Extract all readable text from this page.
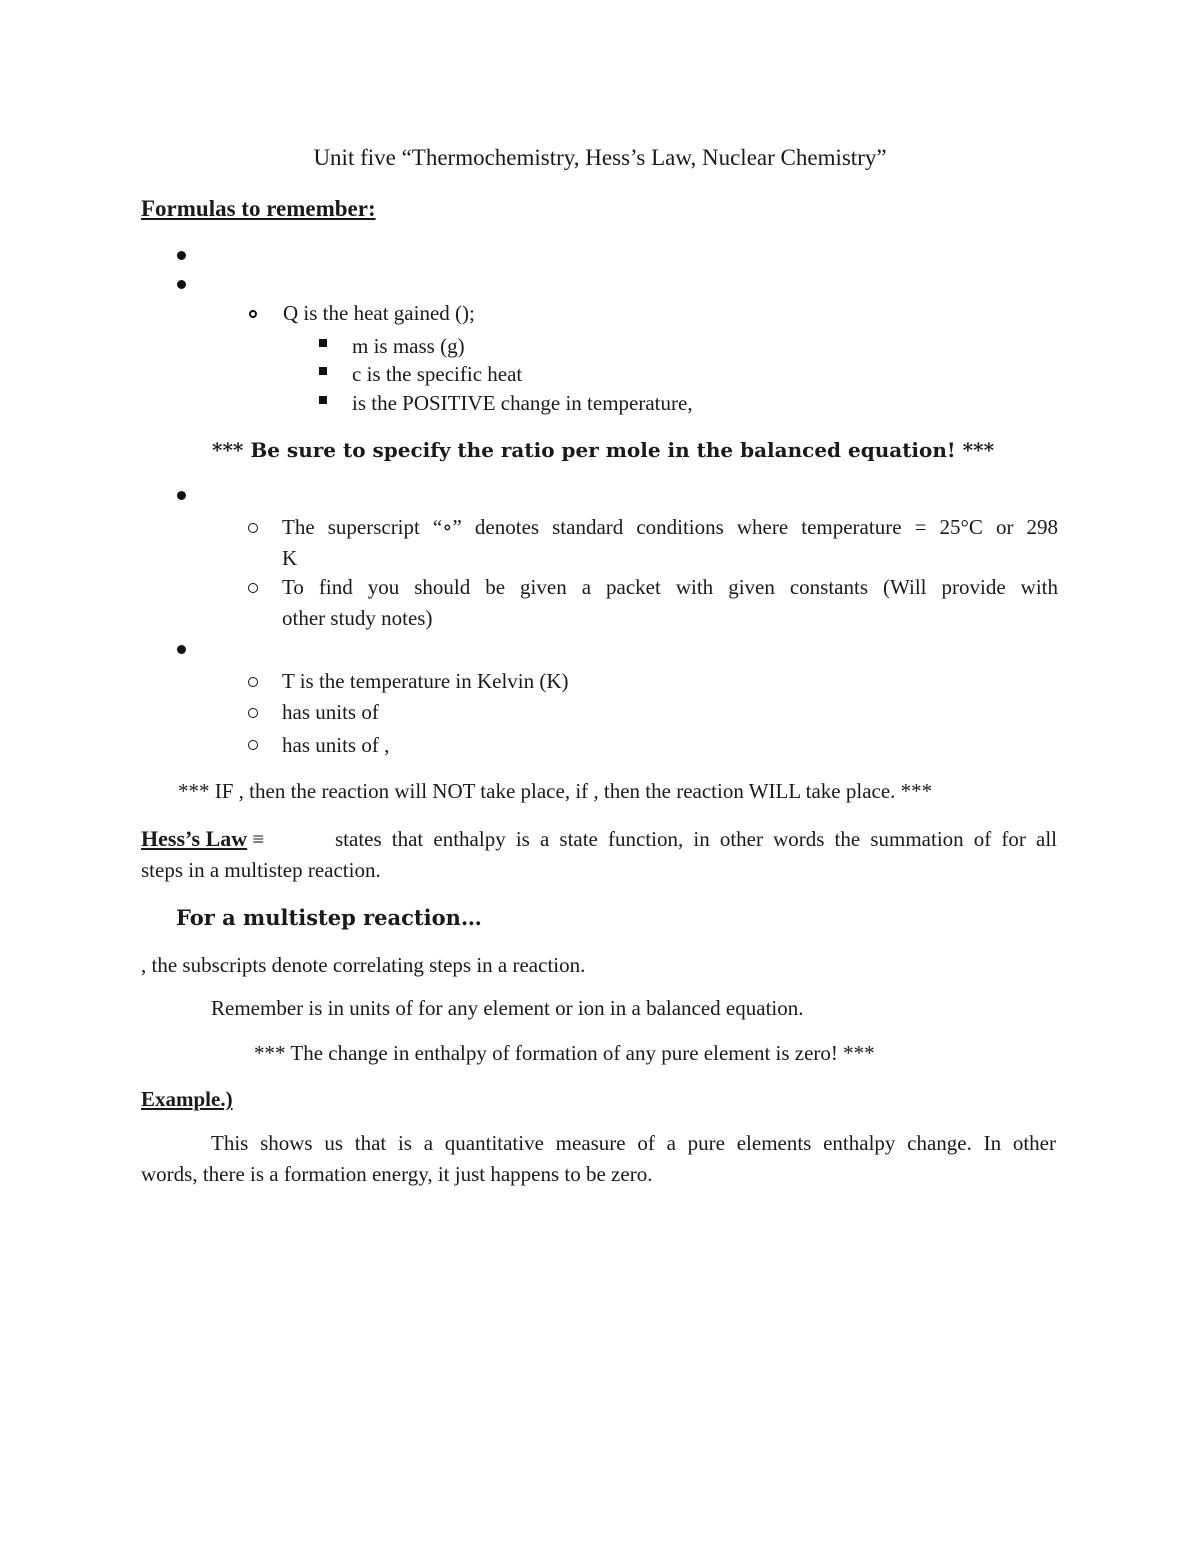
Unit five “Thermochemistry, Hess’s Law, Nuclear Chemistry”
Formulas to remember:
Q is the heat gained ();
m is mass (g)
c is the specific heat
is the POSITIVE change in temperature,
*** Be sure to specify the ratio per mole in the balanced equation! ***
The superscript “∘” denotes standard conditions where temperature = 25°C or 298
K
To find you should be given a packet with given constants (Will provide with
other study notes)
T is the temperature in Kelvin (K)
has units of
has units of ,
*** IF , then the reaction will NOT take place, if , then the reaction WILL take place. ***
Hess’s Law ≡	states that enthalpy is a state function, in other words the summation of for all
steps in a multistep reaction.
For a multistep reaction…
, the subscripts denote correlating steps in a reaction.
Remember is in units of for any element or ion in a balanced equation.
*** The change in enthalpy of formation of any pure element is zero! ***
Example.)
This shows us that is a quantitative measure of a pure elements enthalpy change. In other
words, there is a formation energy, it just happens to be zero.
